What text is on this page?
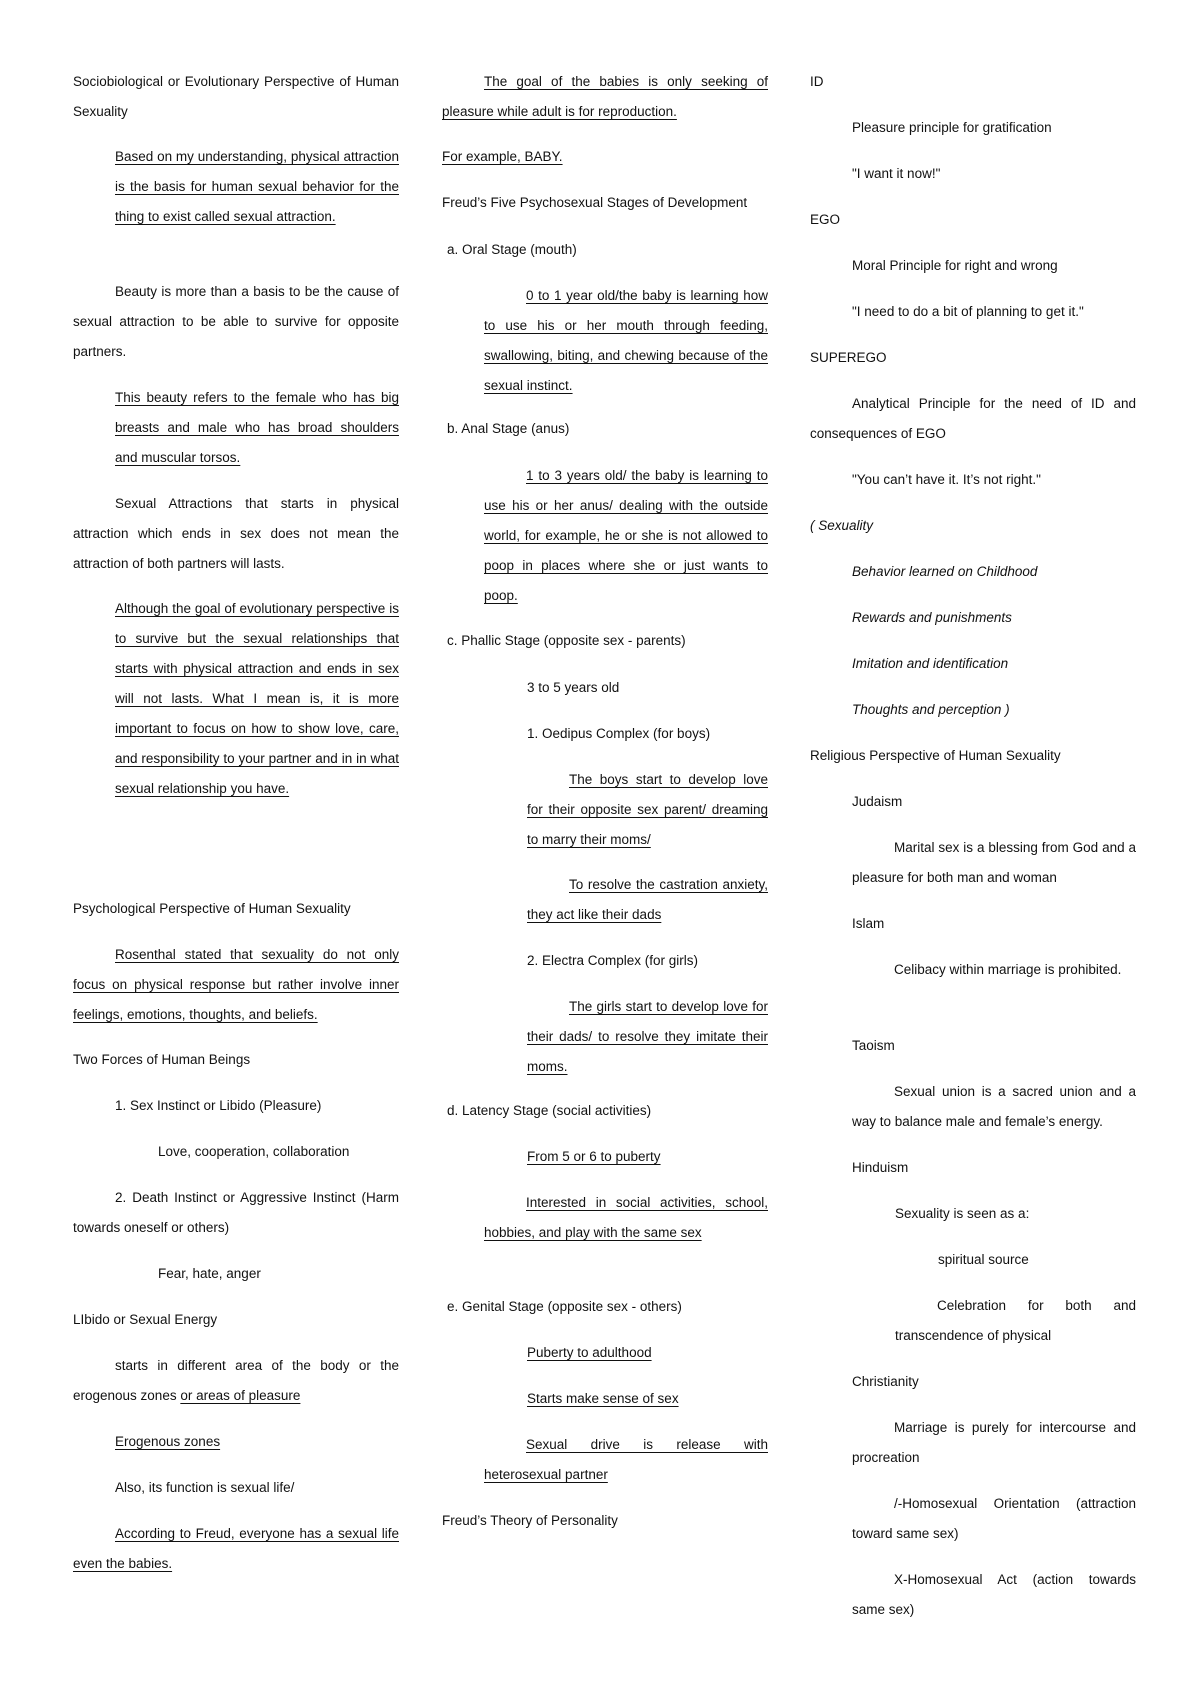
Sociobiological or Evolutionary Perspective of Human Sexuality

Based on my understanding, physical attraction is the basis for human sexual behavior for the thing to exist called sexual attraction.

Beauty is more than a basis to be the cause of sexual attraction to be able to survive for opposite partners.

This beauty refers to the female who has big breasts and male who has broad shoulders and muscular torsos.

Sexual Attractions that starts in physical attraction which ends in sex does not mean the attraction of both partners will lasts.

Although the goal of evolutionary perspective is to survive but the sexual relationships that starts with physical attraction and ends in sex will not lasts. What I mean is, it is more important to focus on how to show love, care, and responsibility to your partner and in in what sexual relationship you have.

Psychological Perspective of Human Sexuality

Rosenthal stated that sexuality do not only focus on physical response but rather involve inner feelings, emotions, thoughts, and beliefs.

Two Forces of Human Beings

1. Sex Instinct or Libido (Pleasure)

Love, cooperation, collaboration

2. Death Instinct or Aggressive Instinct (Harm towards oneself or others)

Fear, hate, anger

LIbido or Sexual Energy

starts in different area of the body or the erogenous zones or areas of pleasure

Erogenous zones

Also, its function is sexual life/

According to Freud, everyone has a sexual life even the babies.

The goal of the babies is only seeking of pleasure while adult is for reproduction.

For example, BABY.

Freud’s Five Psychosexual Stages of Development

a. Oral Stage (mouth)

0 to 1 year old/the baby is learning how to use his or her mouth through feeding, swallowing, biting, and chewing because of the sexual instinct.

b. Anal Stage (anus)

1 to 3 years old/ the baby is learning to use his or her anus/ dealing with the outside world, for example, he or she is not allowed to poop in places where she or just wants to poop.

c. Phallic Stage (opposite sex - parents)

3 to 5 years old

1. Oedipus Complex (for boys)

The boys start to develop love for their opposite sex parent/ dreaming to marry their moms/

To resolve the castration anxiety, they act like their dads

2. Electra Complex (for girls)

The girls start to develop love for their dads/ to resolve they imitate their moms.

d. Latency Stage (social activities)

From 5 or 6 to puberty

Interested in social activities, school, hobbies, and play with the same sex

e. Genital Stage (opposite sex - others)

Puberty to adulthood

Starts make sense of sex

Sexual drive is release with heterosexual partner

Freud’s Theory of Personality

ID

Pleasure principle for gratification

"I want it now!"

EGO

Moral Principle for right and wrong

"I need to do a bit of planning to get it."

SUPEREGO

Analytical Principle for the need of ID and consequences of EGO

"You can’t have it. It’s not right."

( Sexuality

Behavior learned on Childhood

Rewards and punishments

Imitation and identification

Thoughts and perception )

Religious Perspective of Human Sexuality

Judaism

Marital sex is a blessing from God and a pleasure for both man and woman

Islam

Celibacy within marriage is prohibited.

Taoism

Sexual union is a sacred union and a way to balance male and female’s energy.

Hinduism

Sexuality is seen as a:

spiritual source

Celebration for both and transcendence of physical

Christianity

Marriage is purely for intercourse and procreation

/-Homosexual Orientation (attraction toward same sex)

X-Homosexual Act (action towards same sex)
